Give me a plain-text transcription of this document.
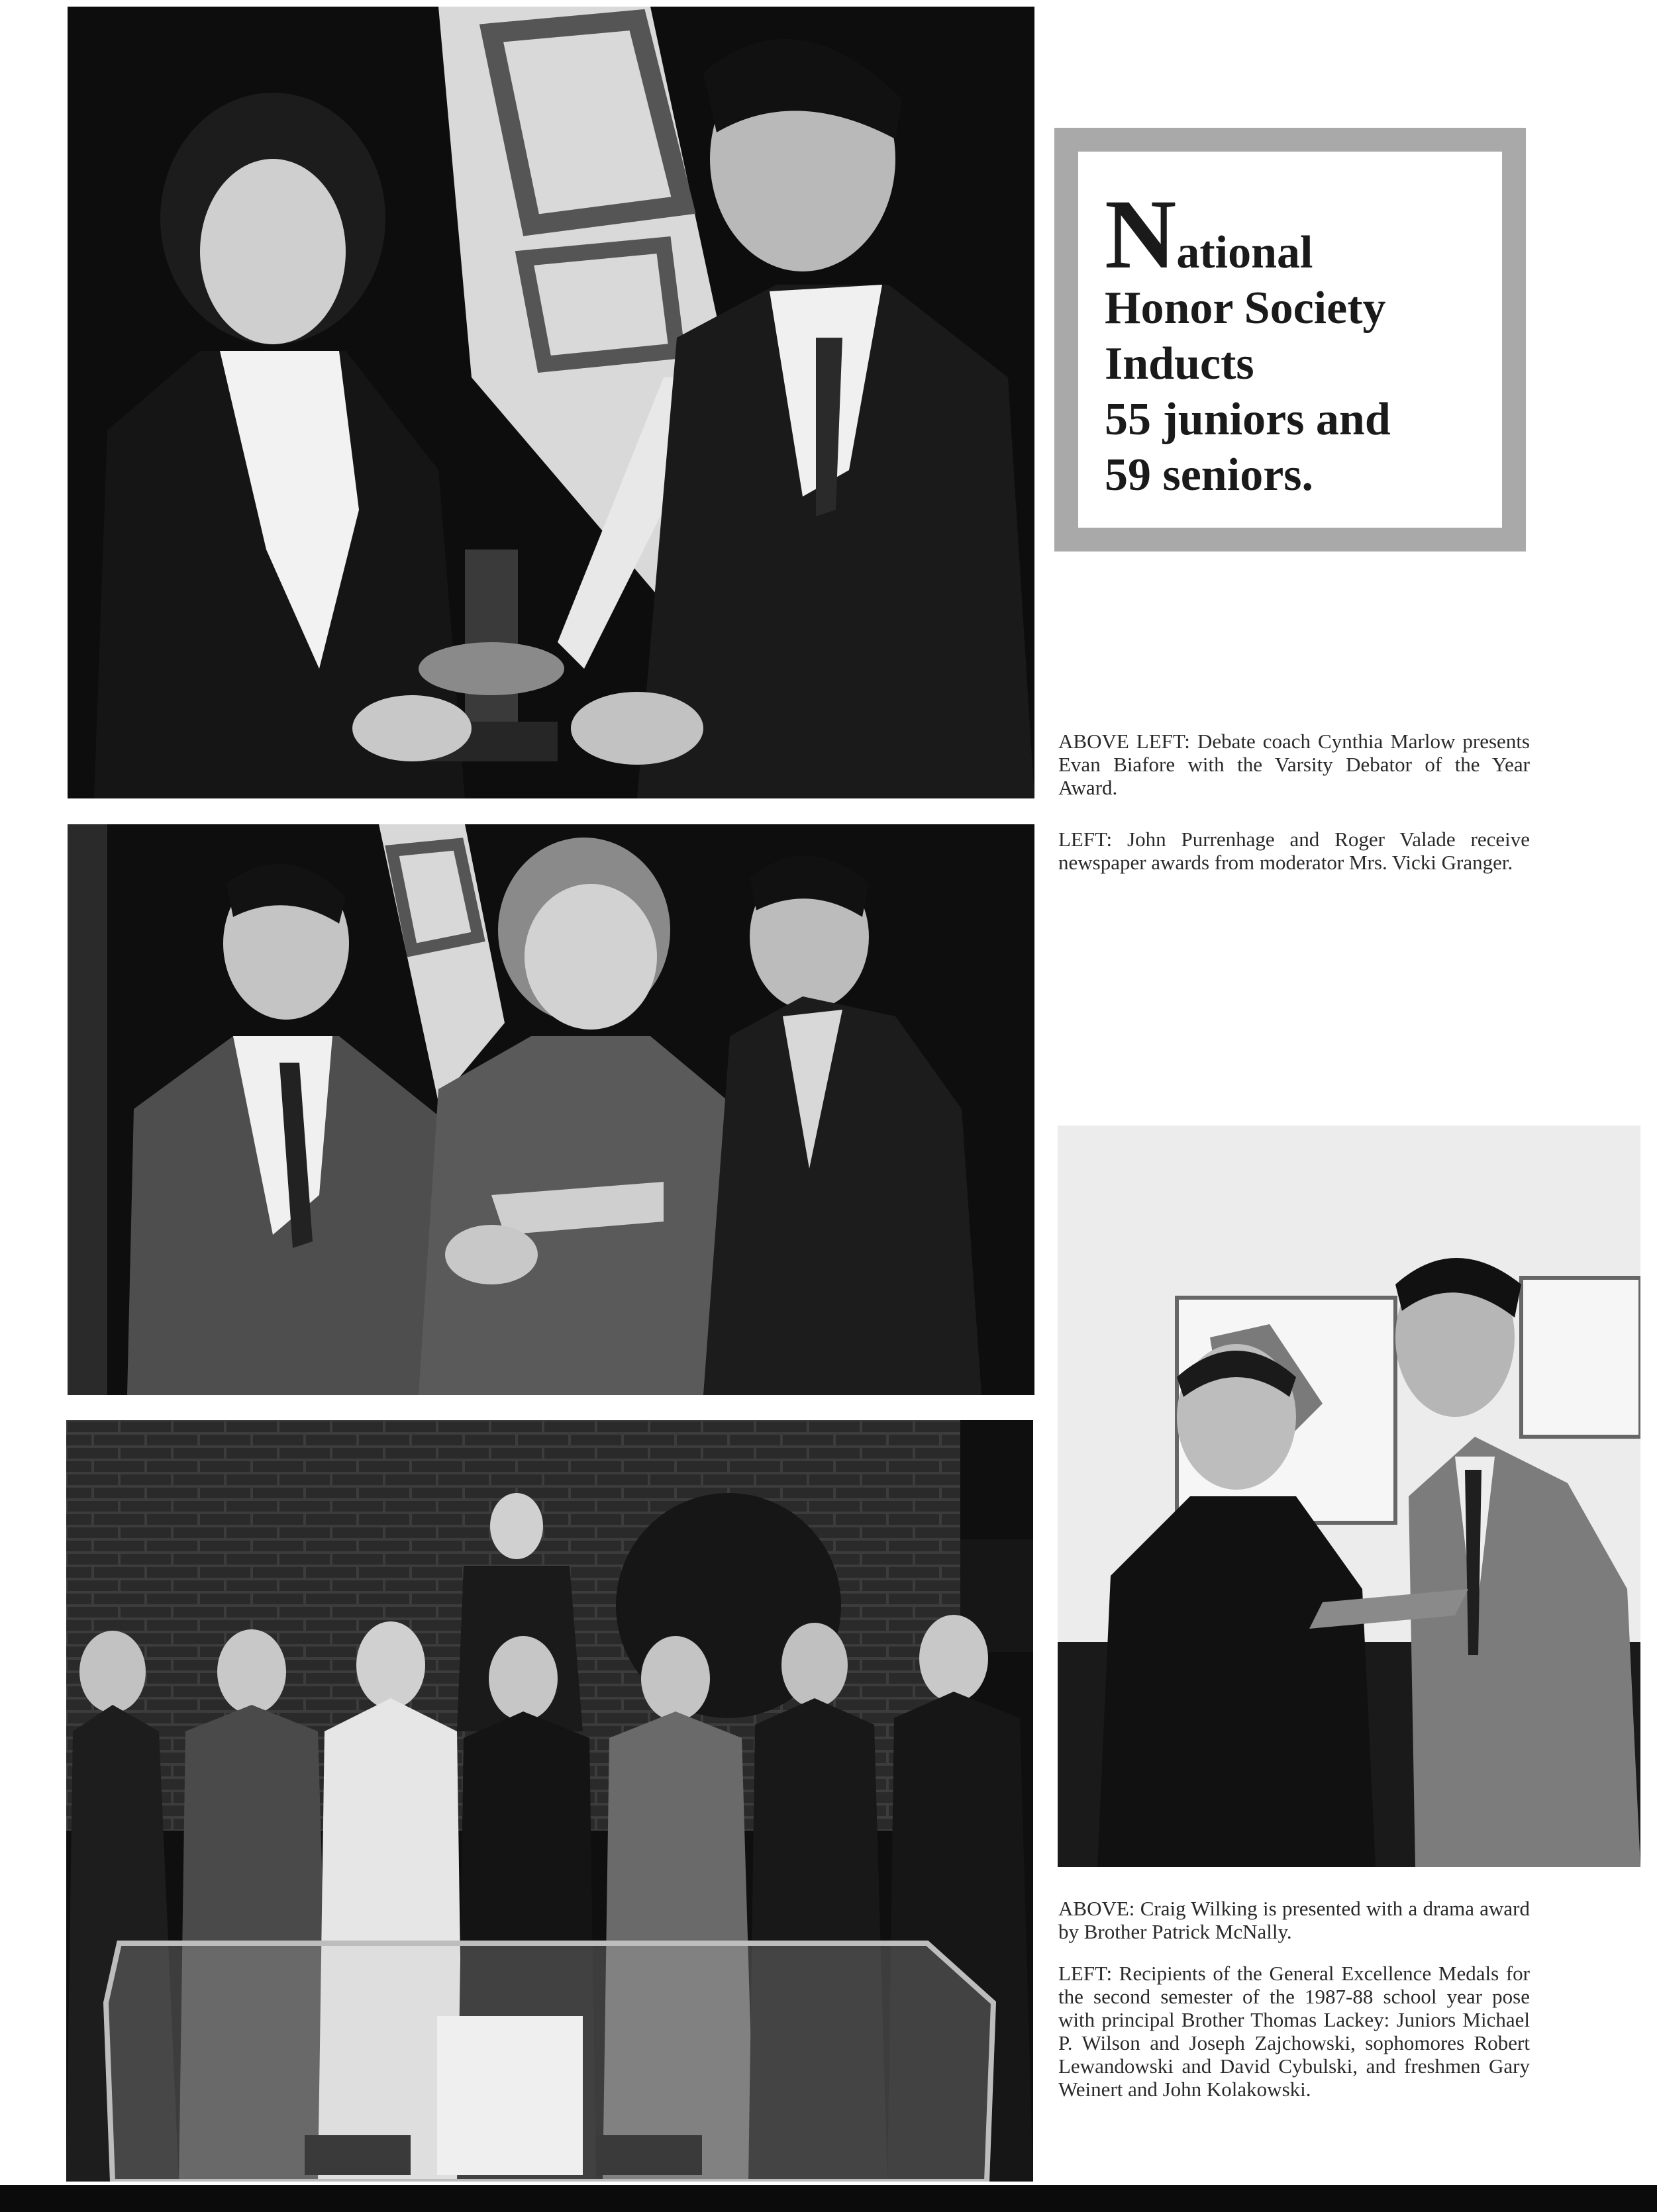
National
Honor Society
Inducts
55 juniors and
59 seniors.

ABOVE LEFT: Debate coach Cynthia Marlow presents Evan Biafore with the Varsity Debator of the Year Award.

LEFT: John Purrenhage and Roger Valade receive newspaper awards from moderator Mrs. Vicki Granger.

ABOVE: Craig Wilking is presented with a drama award by Brother Patrick McNally.

LEFT: Recipients of the General Excellence Medals for the second semester of the 1987-88 school year pose with principal Brother Thomas Lackey: Juniors Michael P. Wilson and Joseph Zajchowski, sophomores Robert Lewandowski and David Cybulski, and freshmen Gary Weinert and John Kolakowski.
